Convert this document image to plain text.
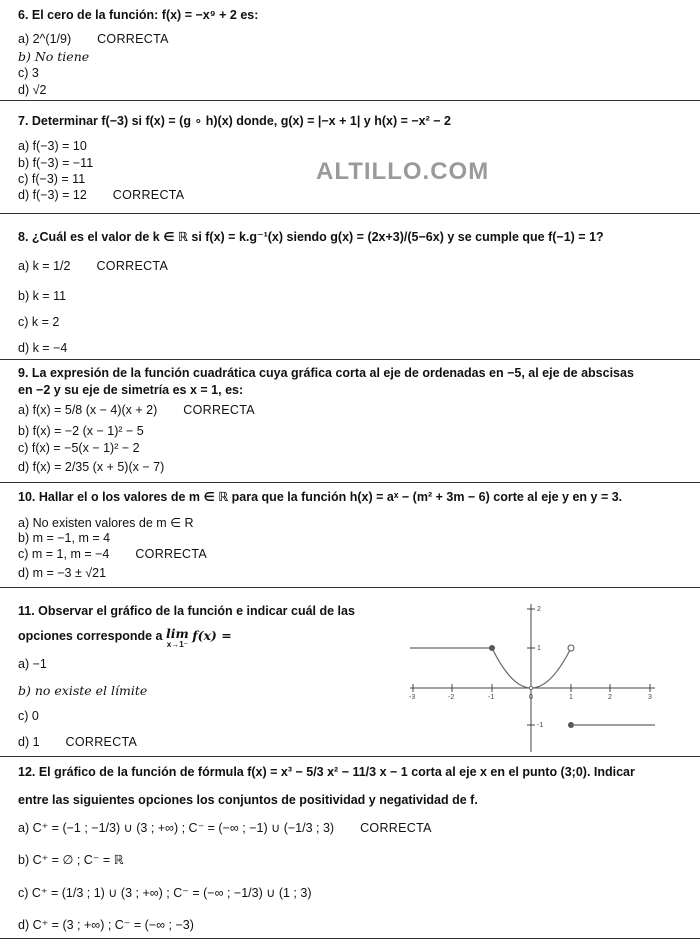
ALTILLO.COM
6. El cero de la función: f(x) = −x⁹ + 2 es:
a) 2^(1/9) CORRECTA
b) No tiene
c) 3
d) √2
7. Determinar f(−3) si f(x) = (g ∘ h)(x) donde, g(x) = |−x + 1| y h(x) = −x² − 2
a) f(−3) = 10
b) f(−3) = −11
c) f(−3) = 11
d) f(−3) = 12 CORRECTA
8. ¿Cuál es el valor de k ∈ ℝ si f(x) = k.g⁻¹(x) siendo g(x) = (2x+3)/(5−6x) y se cumple que f(−1) = 1?
a) k = 1/2 CORRECTA
b) k = 11
c) k = 2
d) k = −4
9. La expresión de la función cuadrática cuya gráfica corta al eje de ordenadas en −5, al eje de abscisas
en −2 y su eje de simetría es x = 1, es:
a) f(x) = 5/8 (x − 4)(x + 2) CORRECTA
b) f(x) = −2 (x − 1)² − 5
c) f(x) = −5(x − 1)² − 2
d) f(x) = 2/35 (x + 5)(x − 7)
10. Hallar el o los valores de m ∈ ℝ para que la función h(x) = aˣ − (m² + 3m − 6) corte al eje y en y = 3.
a) No existen valores de m ∈ R
b) m = −1, m = 4
c) m = 1, m = −4 CORRECTA
d) m = −3 ± √21
11. Observar el gráfico de la función e indicar cuál de las
opciones corresponde a lim
x→1⁻
f(x) =
a) −1
b) no existe el límite
c) 0
d) 1 CORRECTA
-3	-2	-1	0	1	2	3
2
1
-1
12. El gráfico de la función de fórmula f(x) = x³ − 5/3 x² − 11/3 x − 1 corta al eje x en el punto (3;0). Indicar
entre las siguientes opciones los conjuntos de positividad y negatividad de f.
a) C⁺ = (−1 ; −1/3) ∪ (3 ; +∞) ; C⁻ = (−∞ ; −1) ∪ (−1/3 ; 3) CORRECTA
b) C⁺ = ∅ ; C⁻ = ℝ
c) C⁺ = (1/3 ; 1) ∪ (3 ; +∞) ; C⁻ = (−∞ ; −1/3) ∪ (1 ; 3)
d) C⁺ = (3 ; +∞) ; C⁻ = (−∞ ; −3)
